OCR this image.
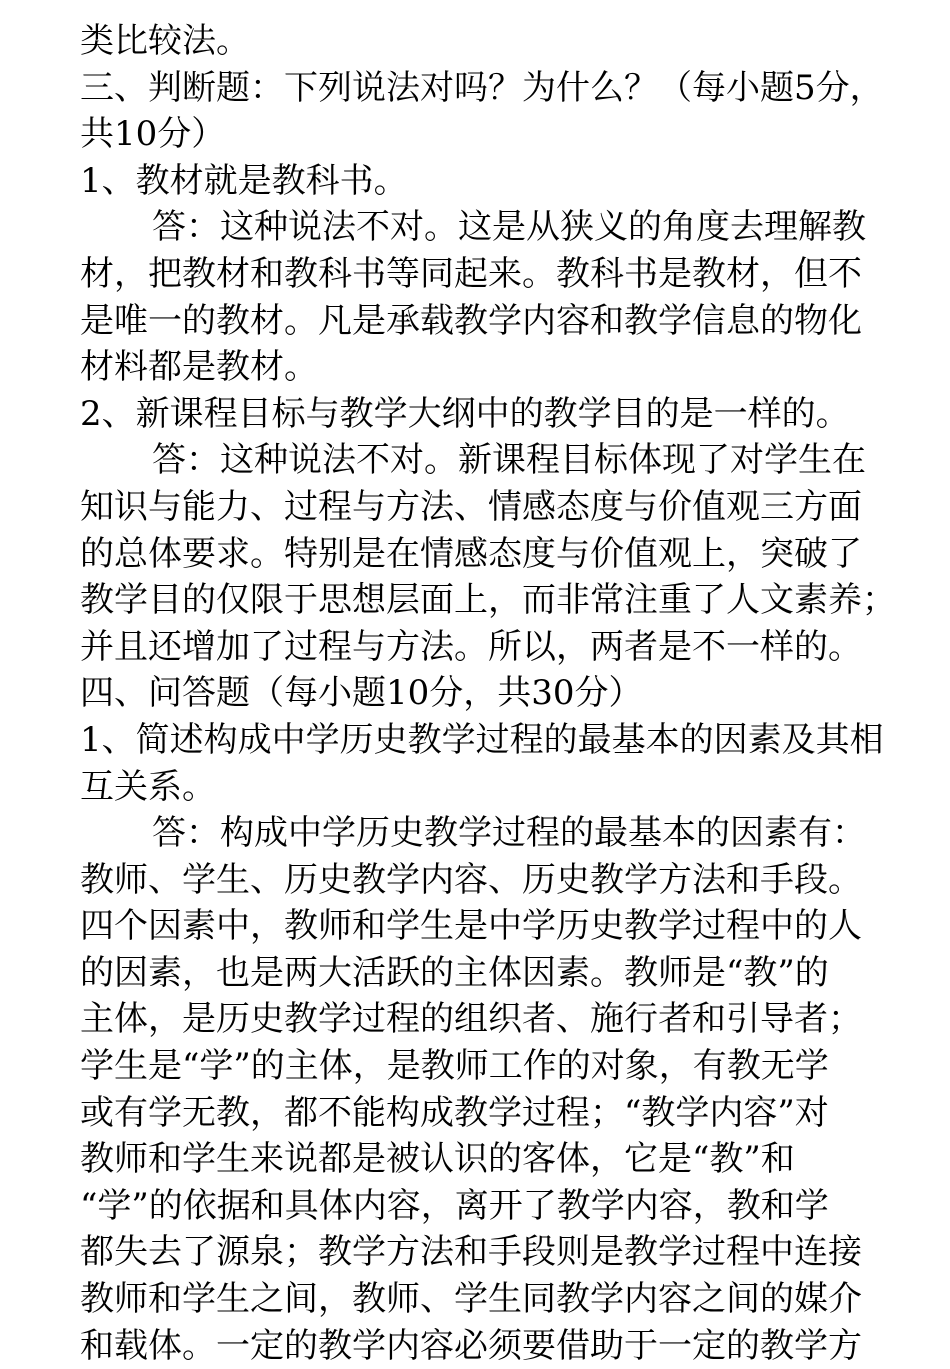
类比较法。
三、判断题：下列说法对吗？为什么？（每小题5分，
共10分）
1、教材就是教科书。
答：这种说法不对。这是从狭义的角度去理解教
材，把教材和教科书等同起来。教科书是教材，但不
是唯一的教材。凡是承载教学内容和教学信息的物化
材料都是教材。
2、新课程目标与教学大纲中的教学目的是一样的。
答：这种说法不对。新课程目标体现了对学生在
知识与能力、过程与方法、情感态度与价值观三方面
的总体要求。特别是在情感态度与价值观上，突破了
教学目的仅限于思想层面上，而非常注重了人文素养；
并且还增加了过程与方法。所以，两者是不一样的。
四、问答题（每小题10分，共30分）
1、简述构成中学历史教学过程的最基本的因素及其相
互关系。
答：构成中学历史教学过程的最基本的因素有：
教师、学生、历史教学内容、历史教学方法和手段。
四个因素中，教师和学生是中学历史教学过程中的人
的因素，也是两大活跃的主体因素。教师是“教”的
主体，是历史教学过程的组织者、施行者和引导者；
学生是“学”的主体，是教师工作的对象，有教无学
或有学无教，都不能构成教学过程；“教学内容”对
教师和学生来说都是被认识的客体，它是“教”和
“学”的依据和具体内容，离开了教学内容，教和学
都失去了源泉；教学方法和手段则是教学过程中连接
教师和学生之间，教师、学生同教学内容之间的媒介
和载体。一定的教学内容必须要借助于一定的教学方
